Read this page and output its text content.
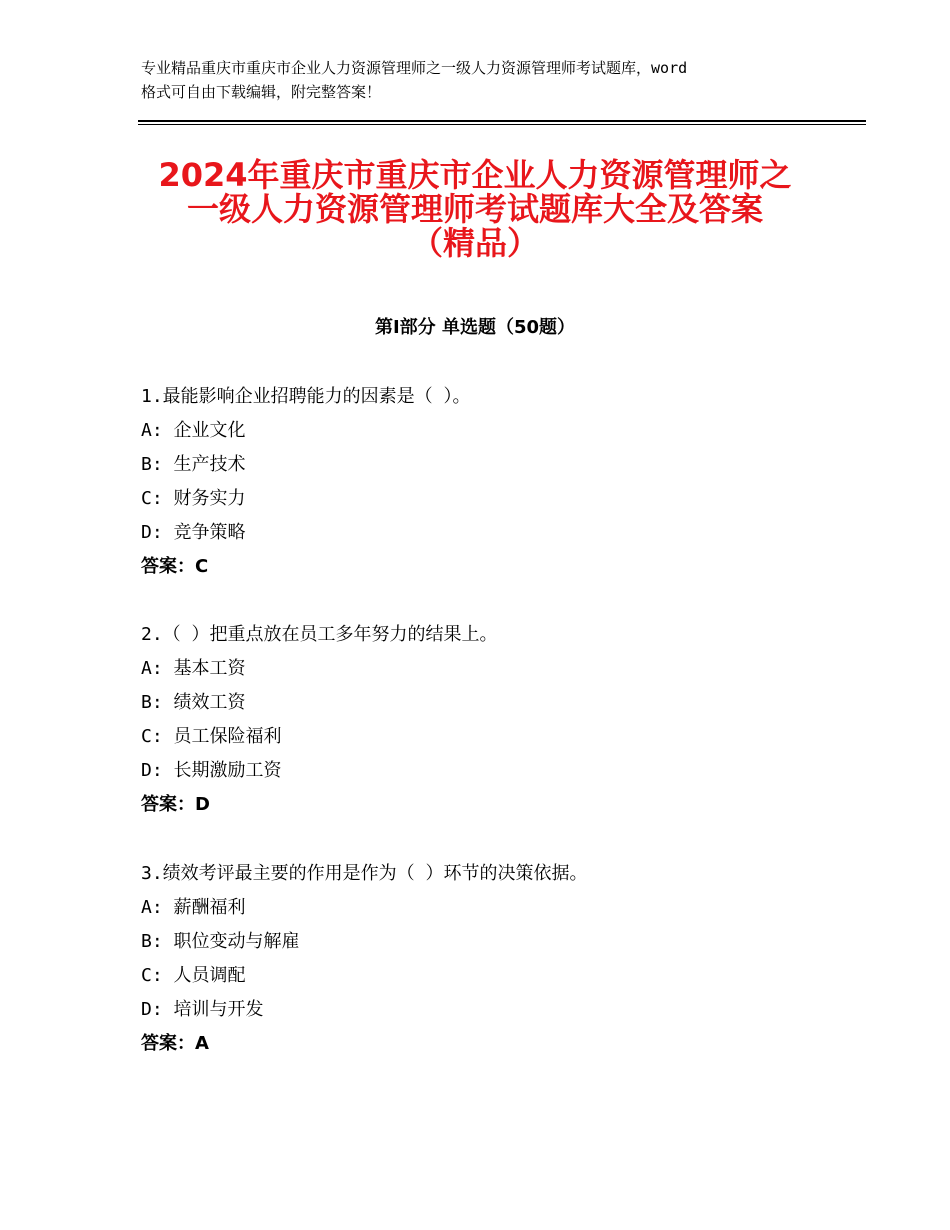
专业精品重庆市重庆市企业人力资源管理师之一级人力资源管理师考试题库，word
格式可自由下载编辑，附完整答案！
2024年重庆市重庆市企业人力资源管理师之
一级人力资源管理师考试题库大全及答案
（精品）
第Ⅰ部分 单选题（50题）
1.最能影响企业招聘能力的因素是（ ）。
A: 企业文化
B: 生产技术
C: 财务实力
D: 竞争策略
答案：C
2.（ ）把重点放在员工多年努力的结果上。
A: 基本工资
B: 绩效工资
C: 员工保险福利
D: 长期激励工资
答案：D
3.绩效考评最主要的作用是作为（ ）环节的决策依据。
A: 薪酬福利
B: 职位变动与解雇
C: 人员调配
D: 培训与开发
答案：A
